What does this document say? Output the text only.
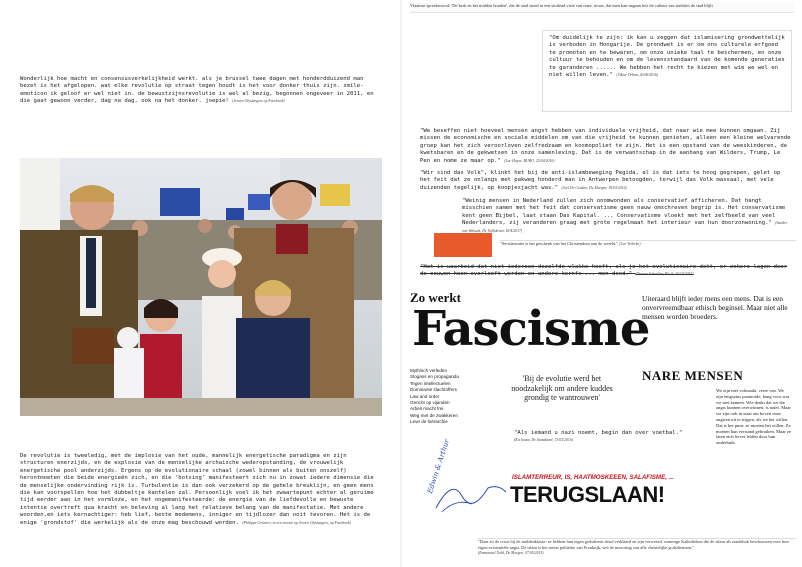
Wonderlijk hoe macht en consensusverkelijkheid werkt. als je brussel twee dagen met honderdduizend man bezet is het afgelopen. wat elke revolutie op straat tegen houdt is het voor donker thuis zijn. smile-emoticon ik geloof er wel niet in. de bewustzijnsrevolutie is wel al bezig, begonnen ongeveer in 2011, en die gaat gewoon verder, dag na dag, ook na het donker. joepie! (Jeroen Olyslaegers op Facebook)
De revolutie is tweeledig, met de implosie van het oude, mannelijk energetische paradigma en zijn structuren enerzijds, en de explosie van de menselijke archaische wederopstanding, de vrouwelijk energetische pool anderzijds. Ergens op de evolutionaire schaal (zowel binnen als buiten onszelf) herontmoeten die beide energieën zich, en die 'botsing' manifesteert zich nu in zowat iedere dimensie die de menselijke ondervinding rijk is. Turbulentie is dan ook verzekerd op de gehele breuklijn, en geen mens die kan voorspellen hoe het dubbeltje kantelen zal. Persoonlijk voel ik het zwaartepunt echter al geruime tijd eerder aan in het vormloze, en het ongemanifesteerde: de energie van de liefdevolle en bewuste intentie overtreft qua kracht en beleving al lang het relatieve belang van de manifestatie. Met andere woorden,en iets kernachtiger: heb lief, beste medemens, inniger en tijdlozer dan ooit tevoren. Het is de enige 'grondstof' die werkelijk als de onze mag beschouwd worden. (Philippe Geivaert, in een reactie op Jeroen Olyslaegers, op Facebook)
Vlaamse spreekwoord: 'De kerk en het midden houden', die de stad stond in een stralend visie van onze, trouw, dat men kan nagaan hoe de cultuur van tradities de stad blijft
"Om duidelijk te zijn: ik kan u zeggen dat islamisering grondwettelijk is verboden in Hongarije. De grondwet is er om ons culturele erfgoed te promoten en te bewaren, om onze unieke taal te beschermen, en onze cultuur te behouden en om de levensstandaard van de komende generaties te garanderen ...... We hebben het recht te kiezen met wie we wel en niet willen leven." (Viktor Orban, 26/06/2016)
"We beseffen niet hoeveel mensen angst hebben van individuele vrijheid, dat naar wie mee kunnen omgaan. Zij missen de economische en sociale middelen om van die vrijheid te kunnen genieten, alleen een kleine welvarende groep kan het zich veroorloven zelfredzaam en kosmopoliet te zijn. Het is een opstand van de weeskinderen, de kwetsbaren en de gekwetsen in onze samenleving. Dat is de verwantschap in de aanhang van Wilders, Trump, Le Pen en nome ze maar op." (Luc Huyse, BUHO, 25/04/2016)
"Wir sind das Volk", klinkt het bij de anti-islambeweging Pegida, al is dat iets te hoog gegrepen, gelet op het feit dat ze onlangs met pakweg honderd man in Antwerpen betoogden, terwijl das Volk massaal, met vele duizenden tegelijk, op koopjesjacht was." (Joël De Ceulaer, De Morgen, 18/03/2016)
"Weinig mensen in Nederland zullen zich onomwonden als conservatief afficheren. Dat hangt misschien samen met het feit dat conservatisme geen nauw omschreven begrip is. Het conservatisme kent geen Bijbel, laat staan Das Kapital. ... Conservatisme vloekt met het zelfbeeld van veel Nederlanders, zij veranderen graag met grote regelmaat het interieur van hun doorzonwoning." (Sander van Walsum, De Volkskrant, 18/4/2017)
"Secularisatie is het geschenk van het Christendom aan de wereld." (Leo Verbeke)
"Het is waarbeid dat niet iedereen dezelfde vlakke heeft, als je het evolutionaire dekt, er zekere lagen door de eeuwen heen overleeft worden en andere kernfs ... men dood." (Darren Schreiber, PLoS, 16/10/2015)
Zo werkt
Fascisme
Mythisch verleden
Slogans en propaganda
Tegen intellectuelen
Dominante slachtoffers
Law and order
Gericht op vijanden
Arbeit macht frei
Weg met de zwakkeren
Leve de hiërarchie
'Bij de evolutie werd het noodzakelijk om andere kuddes grondig te wantrouwen'
Uiteraard blijft ieder mens een mens. Dat is een onvervreemdbaar ethisch beginsel. Maar niet alle mensen worden broeders.
NARE MENSEN
We zijn niet volmaakt, verre van. We zijn enigszins paranoide, bang voor wat we niet kennen. Wie denkt dat we die angst kunnen overwinnen, is naïef. Maar we zijn ook in staat om boven onze angsten uit te stijgen, als we het willen. Dat is het punt: ze moeten het willen. Ze moeten hun verstand gebruiken. Maar ze laten zich liever leiden door hun onderbuik.
"Als iemand u nazi noemt, begin dan over voetbal."
(Kit Iwata, De Standaard, 13/03/2016)
ISLAMTERREUR, IS, HAATMOSKEEËN, SALAFISME, ...
TERUGSLAAN!
Edwin & Arthur
"Daar zit de crisis bij de middenklasse: ze hebben hun eigen godsdienst dood verklaard en zijn verweesd, sommige Katholieken die de islam als zondebok beschouwen voor hun eigen existentiële angst. De islam is het meest politieke van Frankrijk, wel de mirroring van alle christelijke godsdiensten."
(Emmanuel Todd, De Morgen, 07/05/2015)
